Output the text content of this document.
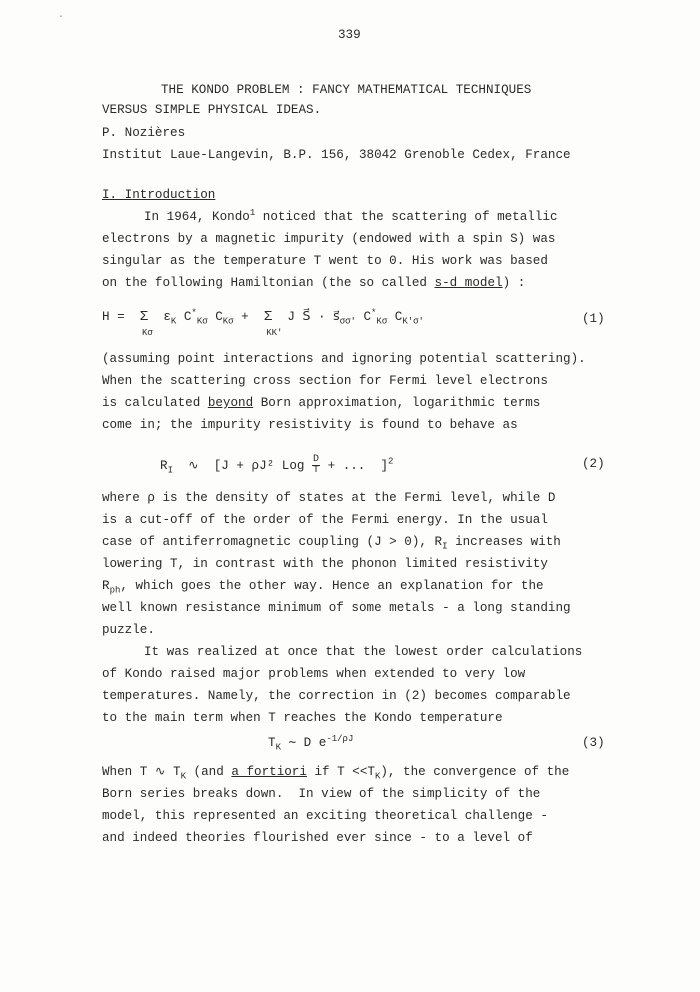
·
339
THE KONDO PROBLEM : FANCY MATHEMATICAL TECHNIQUES
VERSUS SIMPLE PHYSICAL IDEAS.
P. Nozières
Institut Laue-Langevin, B.P. 156, 38042 Grenoble Cedex, France
I. Introduction
In 1964, Kondo$^1$ noticed that the scattering of metallic
electrons by a magnetic impurity (endowed with a spin S) was
singular as the temperature T went to 0. His work was based
on the following Hamiltonian (the so called s-d model) :
H =  Σ  $\varepsilon_K$ $C^*_{K\sigma}$ $C_{K\sigma} + \Sigma$  J S⃗ · $s⃗_{\sigma\sigma'}$ $C^*_{K\sigma}$ $C_{K'\sigma'}$
Kσ                     KK'
(1)
(assuming point interactions and ignoring potential scattering).
When the scattering cross section for Fermi level electrons
is calculated beyond Born approximation, logarithmic terms
come in; the impurity resistivity is found to behave as
$R_I$  ∿  [J + ρJ² Log $\frac{D}{T}$ + ...  ]$^2$	(2)
where ρ is the density of states at the Fermi level, while D
is a cut-off of the order of the Fermi energy. In the usual
case of antiferromagnetic coupling (J > 0), $R_I$ increases with
lowering T, in contrast with the phonon limited resistivity
$R_{ph}$, which goes the other way. Hence an explanation for the
well known resistance minimum of some metals - a long standing
puzzle.
It was realized at once that the lowest order calculations
of Kondo raised major problems when extended to very low
temperatures. Namely, the correction in (2) becomes comparable
to the main term when T reaches the Kondo temperature
$T_K$ ∼ D $e^{-1/\rho J}$	(3)
When T ∿ $T_K$ (and a fortiori if $T <<T_K$), the convergence of the
Born series breaks down.  In view of the simplicity of the
model, this represented an exciting theoretical challenge -
and indeed theories flourished ever since - to a level of
